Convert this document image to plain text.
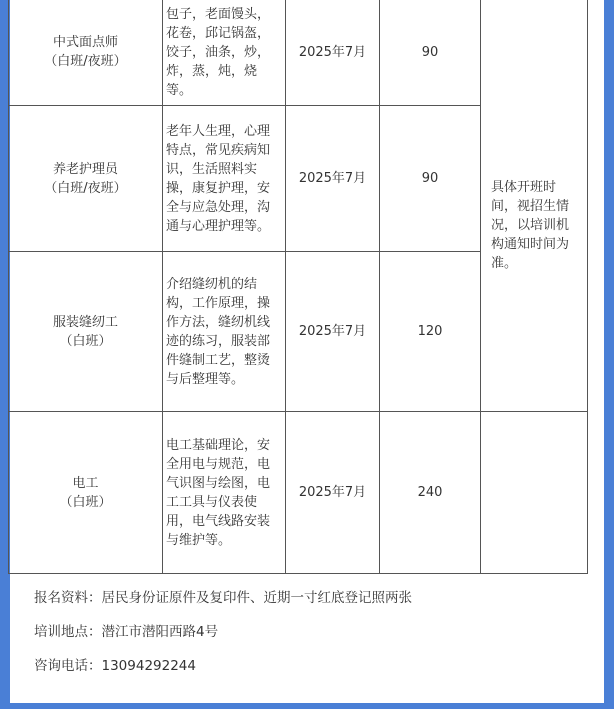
中式面点师
（白班/夜班）	包子，老面馒头，花卷，邱记锅盔，饺子，油条，炒，炸，蒸，炖，烧等。	2025年7月	90	具体开班时间，视招生情况，以培训机构通知时间为准。

养老护理员
（白班/夜班）	老年人生理，心理特点，常见疾病知识，生活照料实操，康复护理，安全与应急处理，沟通与心理护理等。	2025年7月	90	

服装缝纫工
（白班）	介绍缝纫机的结构，工作原理，操作方法，缝纫机线迹的练习，服装部件缝制工艺，整烫与后整理等。	2025年7月	120	

电工
（白班）	电工基础理论，安全用电与规范，电气识图与绘图，电工工具与仪表使用，电气线路安装与维护等。	2025年7月	240	
报名资料：居民身份证原件及复印件、近期一寸红底登记照两张
培训地点：潜江市潜阳西路4号
咨询电话：13094292244
